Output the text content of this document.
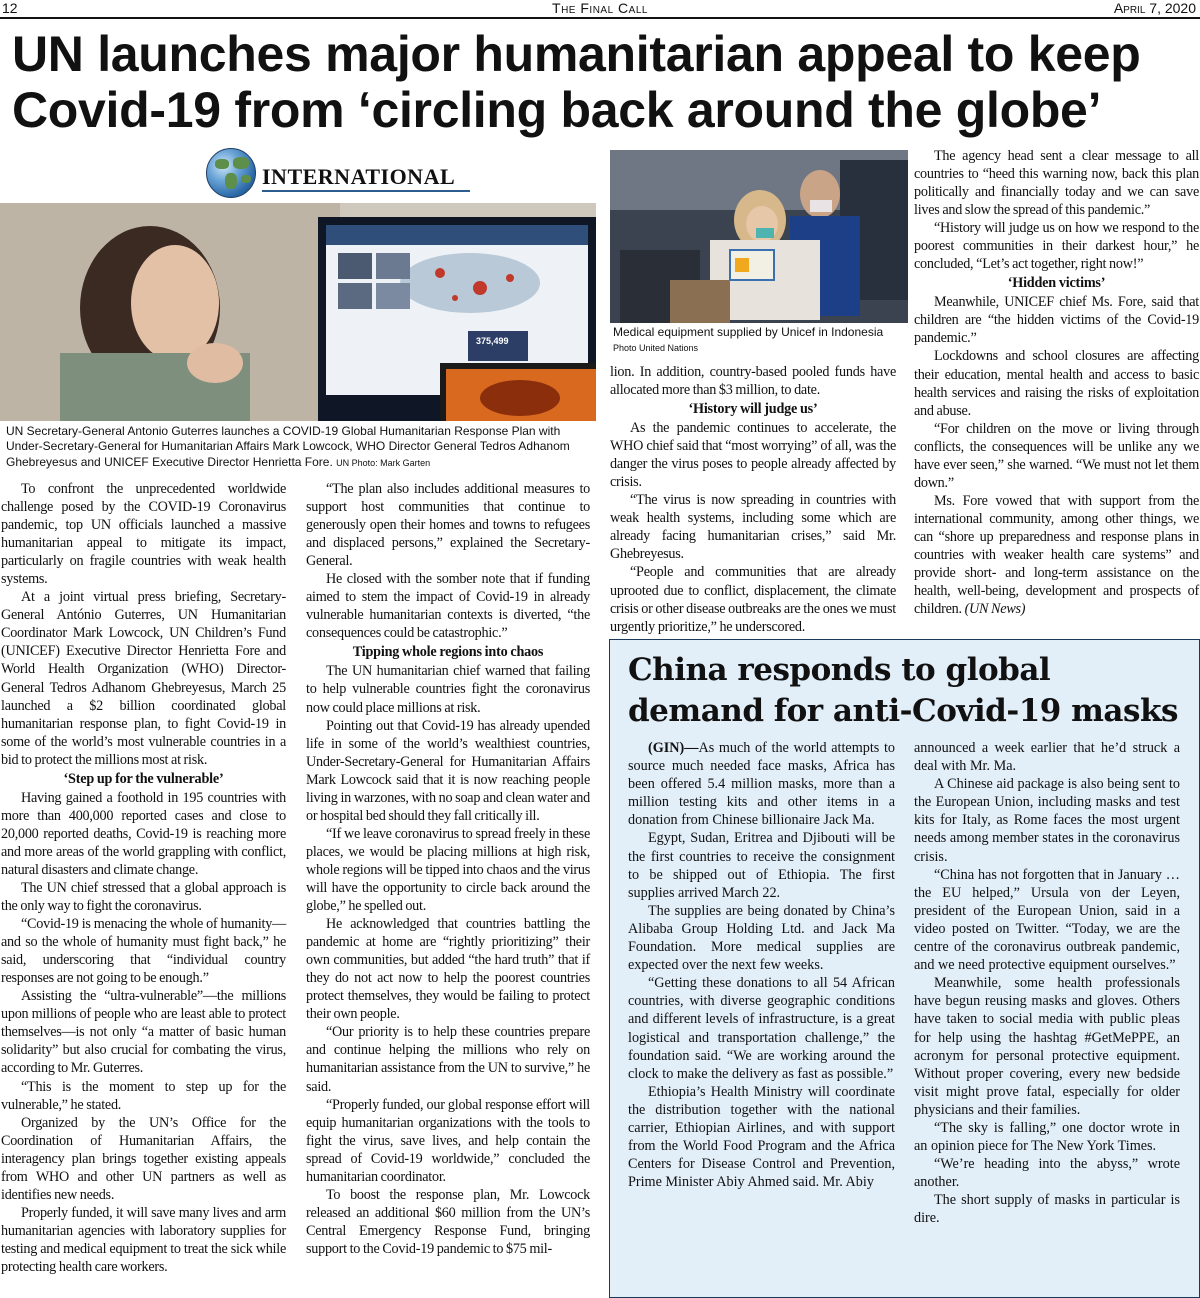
12	The Final Call	April 7, 2020
UN launches major humanitarian appeal to keep Covid-19 from ‘circling back around the globe’
INTERNATIONAL
375,499
UN Secretary-General Antonio Guterres launches a COVID-19 Global Humanitarian Response Plan with Under-Secretary-General for Humanitarian Affairs Mark Lowcock, WHO Director General Tedros Adhanom Ghebreyesus and UNICEF Executive Director Henrietta Fore. UN Photo: Mark Garten
Medical equipment supplied by Unicef in Indonesia Photo United Nations

To confront the unprecedented worldwide challenge posed by the COVID-19 Coronavirus pandemic, top UN officials launched a massive humanitarian appeal to mitigate its impact, particularly on fragile countries with weak health systems.

At a joint virtual press briefing, Secretary-General António Guterres, UN Humanitarian Coordinator Mark Lowcock, UN Children’s Fund (UNICEF) Executive Director Henrietta Fore and World Health Organization (WHO) Director-General Tedros Adhanom Ghebreyesus, March 25 launched a $2 billion coordinated global humanitarian response plan, to fight Covid-19 in some of the world’s most vulnerable countries in a bid to protect the millions most at risk.

‘Step up for the vulnerable’

Having gained a foothold in 195 countries with more than 400,000 reported cases and close to 20,000 reported deaths, Covid-19 is reaching more and more areas of the world grappling with conflict, natural disasters and climate change.

The UN chief stressed that a global approach is the only way to fight the coronavirus.

“Covid-19 is menacing the whole of humanity—and so the whole of humanity must fight back,” he said, underscoring that “individual country responses are not going to be enough.”

Assisting the “ultra-vulnerable”—the millions upon millions of people who are least able to protect themselves—is not only “a matter of basic human solidarity” but also crucial for combating the virus, according to Mr. Guterres.

“This is the moment to step up for the vulnerable,” he stated.

Organized by the UN’s Office for the Coordination of Humanitarian Affairs, the interagency plan brings together existing appeals from WHO and other UN partners as well as identifies new needs.

Properly funded, it will save many lives and arm humanitarian agencies with laboratory supplies for testing and medical equipment to treat the sick while protecting health care workers.

“The plan also includes additional measures to support host communities that continue to generously open their homes and towns to refugees and displaced persons,” explained the Secretary-General.

He closed with the somber note that if funding aimed to stem the impact of Covid-19 in already vulnerable humanitarian contexts is diverted, “the consequences could be catastrophic.”

Tipping whole regions into chaos

The UN humanitarian chief warned that failing to help vulnerable countries fight the coronavirus now could place millions at risk.

Pointing out that Covid-19 has already upended life in some of the world’s wealthiest countries, Under-Secretary-General for Humanitarian Affairs Mark Lowcock said that it is now reaching people living in warzones, with no soap and clean water and or hospital bed should they fall critically ill.

“If we leave coronavirus to spread freely in these places, we would be placing millions at high risk, whole regions will be tipped into chaos and the virus will have the opportunity to circle back around the globe,” he spelled out.

He acknowledged that countries battling the pandemic at home are “rightly prioritizing” their own communities, but added “the hard truth” that if they do not act now to help the poorest countries protect themselves, they would be failing to protect their own people.

“Our priority is to help these countries prepare and continue helping the millions who rely on humanitarian assistance from the UN to survive,” he said.

“Properly funded, our global response effort will equip humanitarian organizations with the tools to fight the virus, save lives, and help contain the spread of Covid-19 worldwide,” concluded the humanitarian coordinator.

To boost the response plan, Mr. Lowcock released an additional $60 million from the UN’s Central Emergency Response Fund, bringing support to the Covid-19 pandemic to $75 mil-

lion. In addition, country-based pooled funds have allocated more than $3 million, to date.

‘History will judge us’

As the pandemic continues to accelerate, the WHO chief said that “most worrying” of all, was the danger the virus poses to people already affected by crisis.

“The virus is now spreading in countries with weak health systems, including some which are already facing humanitarian crises,” said Mr. Ghebreyesus.

“People and communities that are already uprooted due to conflict, displacement, the climate crisis or other disease outbreaks are the ones we must urgently prioritize,” he underscored.

The agency head sent a clear message to all countries to “heed this warning now, back this plan politically and financially today and we can save lives and slow the spread of this pandemic.”

“History will judge us on how we respond to the poorest communities in their darkest hour,” he concluded, “Let’s act together, right now!”

‘Hidden victims’

Meanwhile, UNICEF chief Ms. Fore, said that children are “the hidden victims of the Covid-19 pandemic.”

Lockdowns and school closures are affecting their education, mental health and access to basic health services and raising the risks of exploitation and abuse.

“For children on the move or living through conflicts, the consequences will be unlike any we have ever seen,” she warned. “We must not let them down.”

Ms. Fore vowed that with support from the international community, among other things, we can “shore up preparedness and response plans in countries with weaker health care systems” and provide short- and long-term assistance on the health, well-being, development and prospects of children. (UN News)

China responds to global demand for anti-Covid-19 masks

(GIN)—As much of the world attempts to source much needed face masks, Africa has been offered 5.4 million masks, more than a million testing kits and other items in a donation from Chinese billionaire Jack Ma.

Egypt, Sudan, Eritrea and Djibouti will be the first countries to receive the consignment to be shipped out of Ethiopia. The first supplies arrived March 22.

The supplies are being donated by China’s Alibaba Group Holding Ltd. and Jack Ma Foundation. More medical supplies are expected over the next few weeks.

“Getting these donations to all 54 African countries, with diverse geographic conditions and different levels of infrastructure, is a great logistical and transportation challenge,” the foundation said. “We are working around the clock to make the delivery as fast as possible.”

Ethiopia’s Health Ministry will coordinate the distribution together with the national carrier, Ethiopian Airlines, and with support from the World Food Program and the Africa Centers for Disease Control and Prevention, Prime Minister Abiy Ahmed said. Mr. Abiy

announced a week earlier that he’d struck a deal with Mr. Ma.

A Chinese aid package is also being sent to the European Union, including masks and test kits for Italy, as Rome faces the most urgent needs among member states in the coronavirus crisis.

“China has not forgotten that in January … the EU helped,” Ursula von der Leyen, president of the European Union, said in a video posted on Twitter. “Today, we are the centre of the coronavirus outbreak pandemic, and we need protective equipment ourselves.”

Meanwhile, some health professionals have begun reusing masks and gloves. Others have taken to social media with public pleas for help using the hashtag #GetMePPE, an acronym for personal protective equipment. Without proper covering, every new bedside visit might prove fatal, especially for older physicians and their families.

“The sky is falling,” one doctor wrote in an opinion piece for The New York Times.

“We’re heading into the abyss,” wrote another.

The short supply of masks in particular is dire.
